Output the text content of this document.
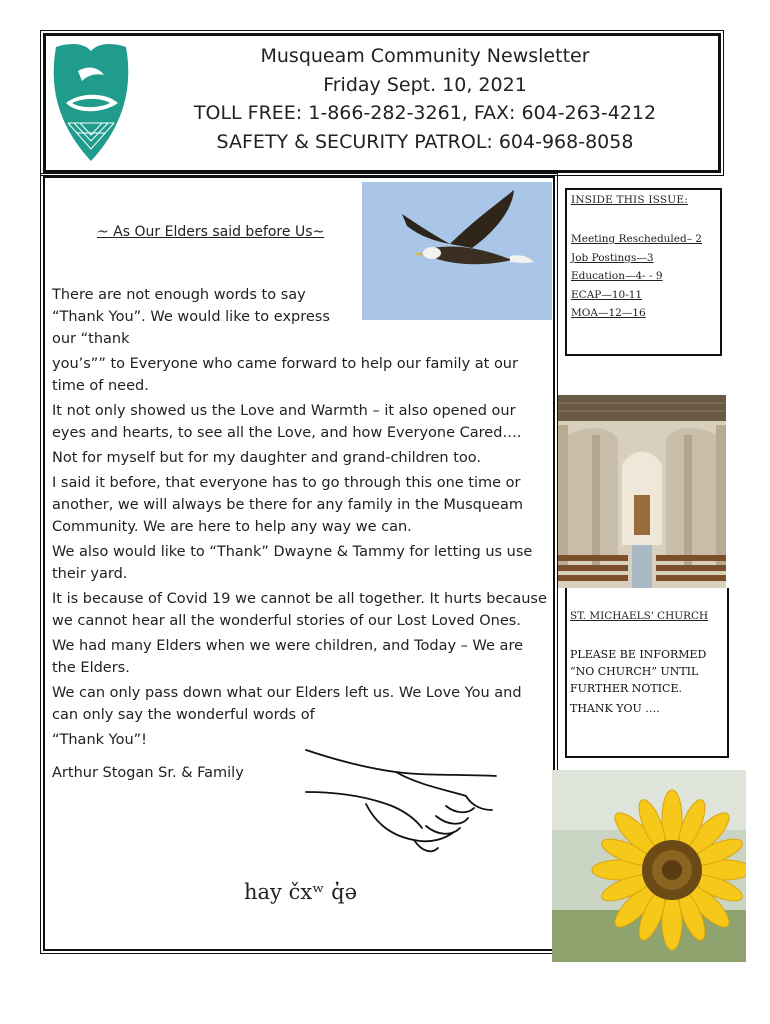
Musqueam Community Newsletter
Friday Sept. 10, 2021
TOLL FREE: 1-866-282-3261, FAX: 604-263-4212
SAFETY & SECURITY PATROL: 604-968-8058
~ As Our Elders said before Us~

There are not enough words to say “Thank You”. We would like to express our “thank

you’s”” to Everyone who came forward to help our family at our time of need.

It not only showed us the Love and Warmth – it also opened our eyes and hearts, to see all the Love, and how Everyone Cared….

Not for myself but for my daughter and grand-children too.

I said it before, that everyone has to go through this one time or another, we will always be there for any family in the Musqueam Community. We are here to help any way we can.

We also would like to “Thank” Dwayne & Tammy for letting us use their yard.

It is because of Covid 19 we cannot be all together. It hurts because we cannot hear all the wonderful stories of our Lost Loved Ones.

We had many Elders when we were children, and Today – We are the Elders.

We can only pass down what our Elders left us. We Love You and can only say the wonderful words of

“Thank You”!

Arthur Stogan Sr. & Family
hay čxʷ q̓ə
INSIDE THIS ISSUE:
Meeting Rescheduled– 2
Job Postings—3
Education—4- - 9
ECAP—10-11
MOA—12—16
ST. MICHAELS' CHURCH
PLEASE BE INFORMED “NO CHURCH” UNTIL FURTHER NOTICE.
THANK YOU ….
